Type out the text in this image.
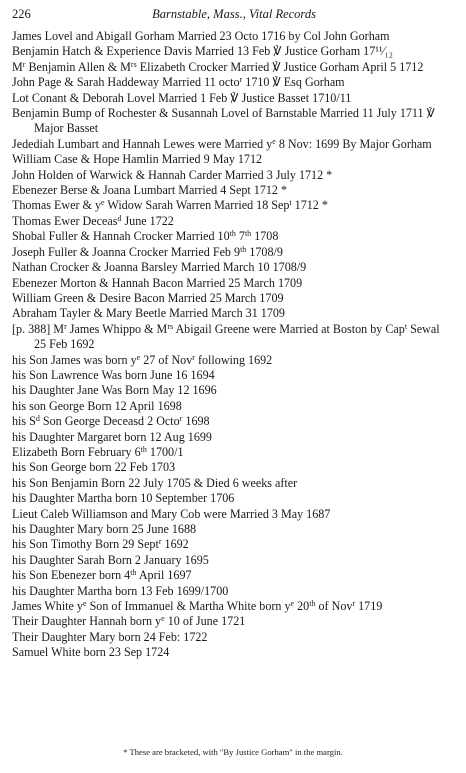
226	Barnstable, Mass., Vital Records
James Lovel and Abigall Gorham Married 23 Octo 1716 by Col John Gorham
Benjamin Hatch & Experience Davis Married 13 Feb ℣ Justice Gorham 17¹¹⁄₁₂
$M^r$ Benjamin Allen & $M^{rs}$ Elizabeth Crocker Married ℣ Justice Gorham April 5 1712
John Page & Sarah Haddeway Married 11 octo$^r$ 1710 ℣ Esq Gorham
Lot Conant & Deborah Lovel Married 1 Feb ℣ Justice Basset 1710/11
Benjamin Bump of Rochester & Susannah Lovel of Barnstable Married 11 July 1711 ℣ Major Basset
Jedediah Lumbart and Hannah Lewes were Married $y^e$ 8 Nov: 1699 By Major Gorham
William Case & Hope Hamlin Married 9 May 1712
John Holden of Warwick & Hannah Carder Married 3 July 1712 *
Ebenezer Berse & Joana Lumbart Married 4 Sept 1712 *
Thomas Ewer & $y^e$ Widow Sarah Warren Married 18 Sep$^t$ 1712 *
Thomas Ewer Deceas$^d$ June 1722
Shobal Fuller & Hannah Crocker Married 10th 7th 1708
Joseph Fuller & Joanna Crocker Married Feb 9th 1708/9
Nathan Crocker & Joanna Barsley Married March 10 1708/9
Ebenezer Morton & Hannah Bacon Married 25 March 1709
William Green & Desire Bacon Married 25 March 1709
Abraham Tayler & Mary Beetle Married March 31 1709
[p. 388] $M^r$ James Whippo & $M^{rs}$ Abigail Greene were Married at Boston by Cap$^t$ Sewal 25 Feb 1692
his Son James was born $y^e$ 27 of Nov$^r$ following 1692
his Son Lawrence Was born June 16 1694
his Daughter Jane Was Born May 12 1696
his son George Born 12 April 1698
his $S^d$ Son George Deceasd 2 Octo$^r$ 1698
his Daughter Margaret born 12 Aug 1699
Elizabeth Born February 6th 1700/1
his Son George born 22 Feb 1703
his Son Benjamin Born 22 July 1705 & Died 6 weeks after
his Daughter Martha born 10 September 1706
Lieut Caleb Williamson and Mary Cob were Married 3 May 1687
his Daughter Mary born 25 June 1688
his Son Timothy Born 29 Sept$^r$ 1692
his Daughter Sarah Born 2 January 1695
his Son Ebenezer born 4th April 1697
his Daughter Martha born 13 Feb 1699/1700
James White $y^e$ Son of Immanuel & Martha White born $y^e$ 20th of Nov$^r$ 1719
Their Daughter Hannah born $y^e$ 10 of June 1721
Their Daughter Mary born 24 Feb: 1722
Samuel White born 23 Sep 1724
* These are bracketed, with "By Justice Gorham" in the margin.
